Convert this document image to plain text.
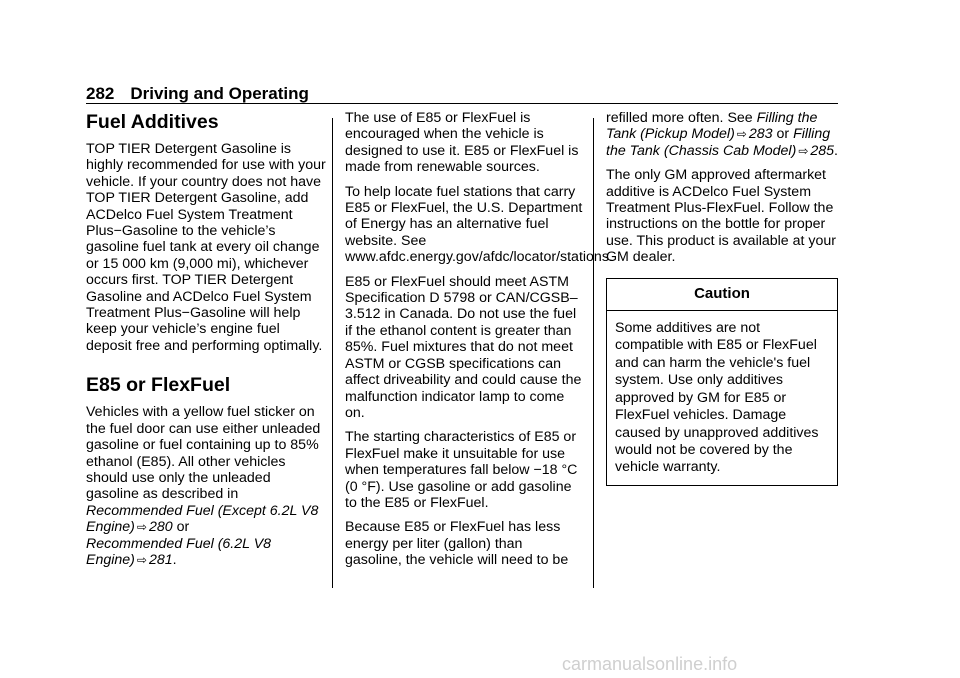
282 Driving and Operating
Fuel Additives

TOP TIER Detergent Gasoline is highly recommended for use with your vehicle. If your country does not have TOP TIER Detergent Gasoline, add ACDelco Fuel System Treatment Plus−Gasoline to the vehicle’s gasoline fuel tank at every oil change or 15 000 km (9,000 mi), whichever occurs first. TOP TIER Detergent Gasoline and ACDelco Fuel System Treatment Plus−Gasoline will help keep your vehicle’s engine fuel deposit free and performing optimally.

E85 or FlexFuel

Vehicles with a yellow fuel sticker on the fuel door can use either unleaded gasoline or fuel containing up to 85% ethanol (E85). All other vehicles should use only the unleaded gasoline as described in
Recommended Fuel (Except 6.2L V8 Engine) ⇨ 280 or
Recommended Fuel (6.2L V8 Engine) ⇨ 281.

The use of E85 or FlexFuel is encouraged when the vehicle is designed to use it. E85 or FlexFuel is made from renewable sources.

To help locate fuel stations that carry E85 or FlexFuel, the U.S. Department of Energy has an alternative fuel website. See www.afdc.energy.gov/afdc/locator/stations.

E85 or FlexFuel should meet ASTM Specification D 5798 or CAN/CGSB–3.512 in Canada. Do not use the fuel if the ethanol content is greater than 85%. Fuel mixtures that do not meet ASTM or CGSB specifications can affect driveability and could cause the malfunction indicator lamp to come on.

The starting characteristics of E85 or FlexFuel make it unsuitable for use when temperatures fall below −18 °C (0 °F). Use gasoline or add gasoline to the E85 or FlexFuel.

Because E85 or FlexFuel has less energy per liter (gallon) than gasoline, the vehicle will need to be

refilled more often. See Filling the Tank (Pickup Model) ⇨ 283 or Filling the Tank (Chassis Cab Model) ⇨ 285.

The only GM approved aftermarket additive is ACDelco Fuel System Treatment Plus-FlexFuel. Follow the instructions on the bottle for proper use. This product is available at your GM dealer.

Caution
Some additives are not compatible with E85 or FlexFuel and can harm the vehicle's fuel system. Use only additives approved by GM for E85 or FlexFuel vehicles. Damage caused by unapproved additives would not be covered by the vehicle warranty.
carmanualsonline.info
